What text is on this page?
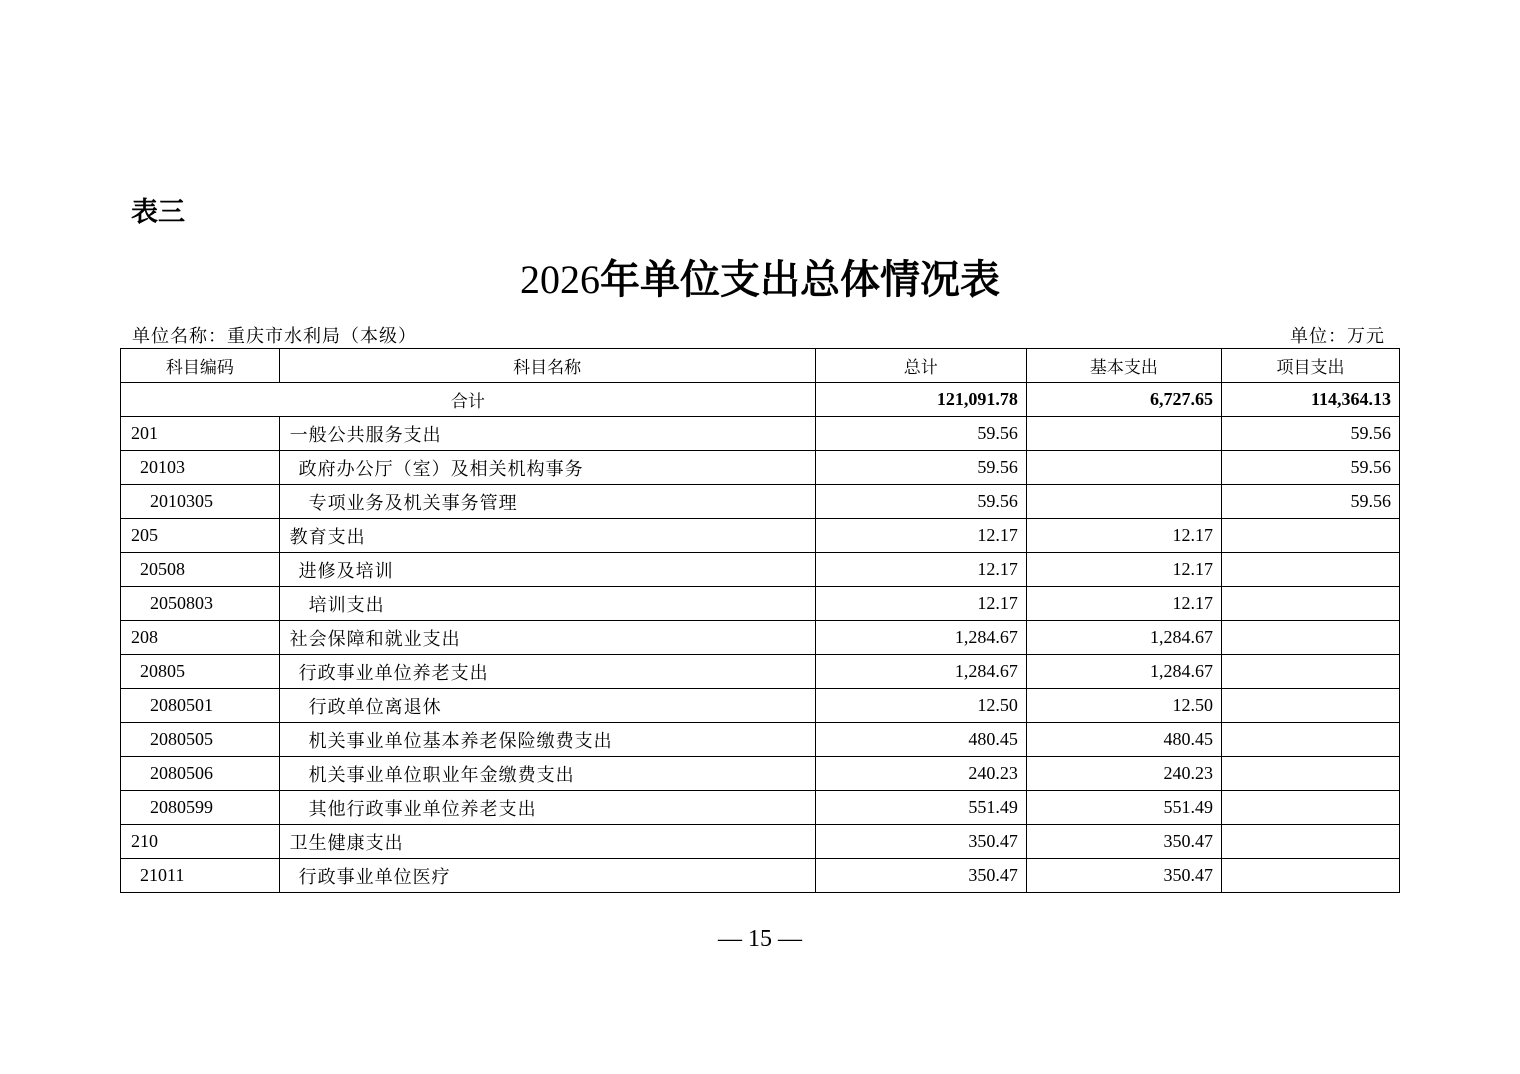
表三
2026年单位支出总体情况表
单位名称：重庆市水利局（本级）	单位：万元
科目编码	科目名称	总计	基本支出	项目支出
合计		121,091.78	6,727.65	114,364.13
201	一般公共服务支出	59.56		59.56
20103	政府办公厅（室）及相关机构事务	59.56		59.56
2010305	专项业务及机关事务管理	59.56		59.56
205	教育支出	12.17	12.17	
20508	进修及培训	12.17	12.17	
2050803	培训支出	12.17	12.17	
208	社会保障和就业支出	1,284.67	1,284.67	
20805	行政事业单位养老支出	1,284.67	1,284.67	
2080501	行政单位离退休	12.50	12.50	
2080505	机关事业单位基本养老保险缴费支出	480.45	480.45	
2080506	机关事业单位职业年金缴费支出	240.23	240.23	
2080599	其他行政事业单位养老支出	551.49	551.49	
210	卫生健康支出	350.47	350.47	
21011	行政事业单位医疗	350.47	350.47	
— 15 —
